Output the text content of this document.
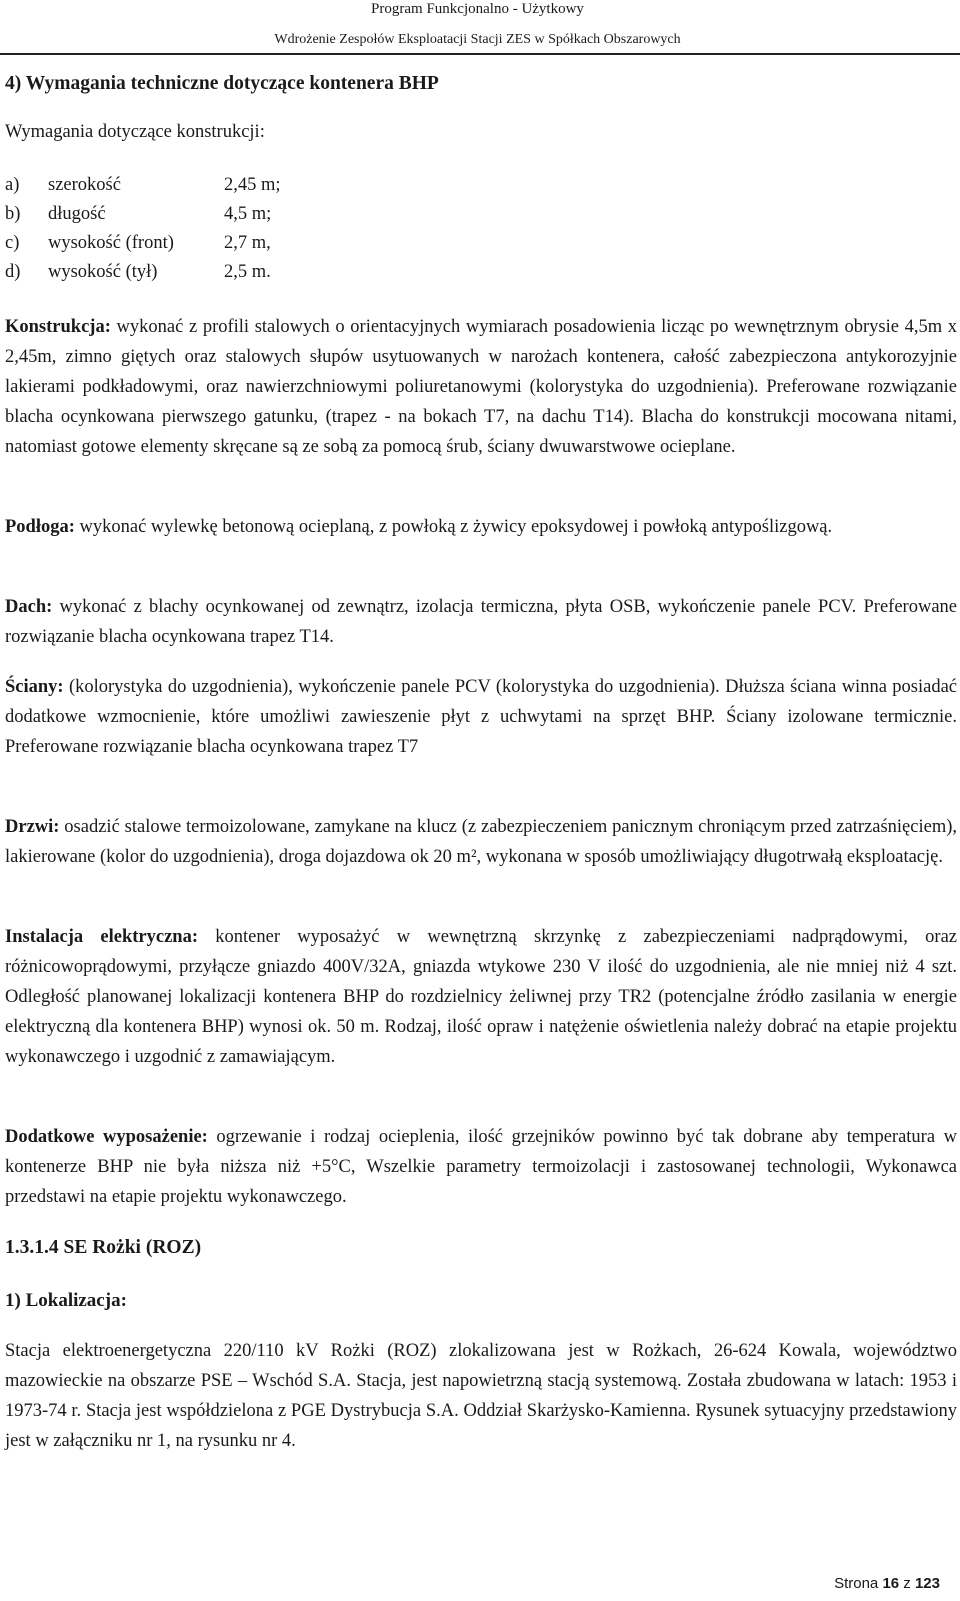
Program Funkcjonalno - Użytkowy
Wdrożenie Zespołów Eksploatacji Stacji ZES w Spółkach Obszarowych
4) Wymagania techniczne dotyczące kontenera BHP

Wymagania dotyczące konstrukcji:

a) szerokość	2,45 m;
b) długość	4,5 m;
c) wysokość (front)	2,7 m,
d) wysokość (tył)	2,5 m.

Konstrukcja: wykonać z profili stalowych o orientacyjnych wymiarach posadowienia licząc po wewnętrznym obrysie 4,5m x 2,45m, zimno giętych oraz stalowych słupów usytuowanych w narożach kontenera, całość zabezpieczona antykorozyjnie lakierami podkładowymi, oraz nawierzchniowymi poliuretanowymi (kolorystyka do uzgodnienia). Preferowane rozwiązanie blacha ocynkowana pierwszego gatunku, (trapez - na bokach T7, na dachu T14). Blacha do konstrukcji mocowana nitami, natomiast gotowe elementy skręcane są ze sobą za pomocą śrub, ściany dwuwarstwowe ocieplane.

Podłoga: wykonać wylewkę betonową ocieplaną, z powłoką z żywicy epoksydowej i powłoką antypoślizgową.

Dach: wykonać z blachy ocynkowanej od zewnątrz, izolacja termiczna, płyta OSB, wykończenie panele PCV. Preferowane rozwiązanie blacha ocynkowana trapez T14.

Ściany: (kolorystyka do uzgodnienia), wykończenie panele PCV (kolorystyka do uzgodnienia). Dłuższa ściana winna posiadać dodatkowe wzmocnienie, które umożliwi zawieszenie płyt z uchwytami na sprzęt BHP. Ściany izolowane termicznie. Preferowane rozwiązanie blacha ocynkowana trapez T7

Drzwi: osadzić stalowe termoizolowane, zamykane na klucz (z zabezpieczeniem panicznym chroniącym przed zatrzaśnięciem), lakierowane (kolor do uzgodnienia), droga dojazdowa ok 20 m², wykonana w sposób umożliwiający długotrwałą eksploatację.

Instalacja elektryczna: kontener wyposażyć w wewnętrzną skrzynkę z zabezpieczeniami nadprądowymi, oraz różnicowoprądowymi, przyłącze gniazdo 400V/32A, gniazda wtykowe 230 V ilość do uzgodnienia, ale nie mniej niż 4 szt. Odległość planowanej lokalizacji kontenera BHP do rozdzielnicy żeliwnej przy TR2 (potencjalne źródło zasilania w energie elektryczną dla kontenera BHP) wynosi ok. 50 m. Rodzaj, ilość opraw i natężenie oświetlenia należy dobrać na etapie projektu wykonawczego i uzgodnić z zamawiającym.

Dodatkowe wyposażenie: ogrzewanie i rodzaj ocieplenia, ilość grzejników powinno być tak dobrane aby temperatura w kontenerze BHP nie była niższa niż +5°C, Wszelkie parametry termoizolacji i zastosowanej technologii, Wykonawca przedstawi na etapie projektu wykonawczego.

1.3.1.4 SE Rożki (ROZ)
1) Lokalizacja:

Stacja elektroenergetyczna 220/110 kV Rożki (ROZ) zlokalizowana jest w Rożkach, 26-624 Kowala, województwo mazowieckie na obszarze PSE – Wschód S.A. Stacja, jest napowietrzną stacją systemową. Została zbudowana w latach: 1953 i 1973-74 r. Stacja jest współdzielona z PGE Dystrybucja S.A. Oddział Skarżysko-Kamienna. Rysunek sytuacyjny przedstawiony jest w załączniku nr 1, na rysunku nr 4.

Strona 16 z 123
